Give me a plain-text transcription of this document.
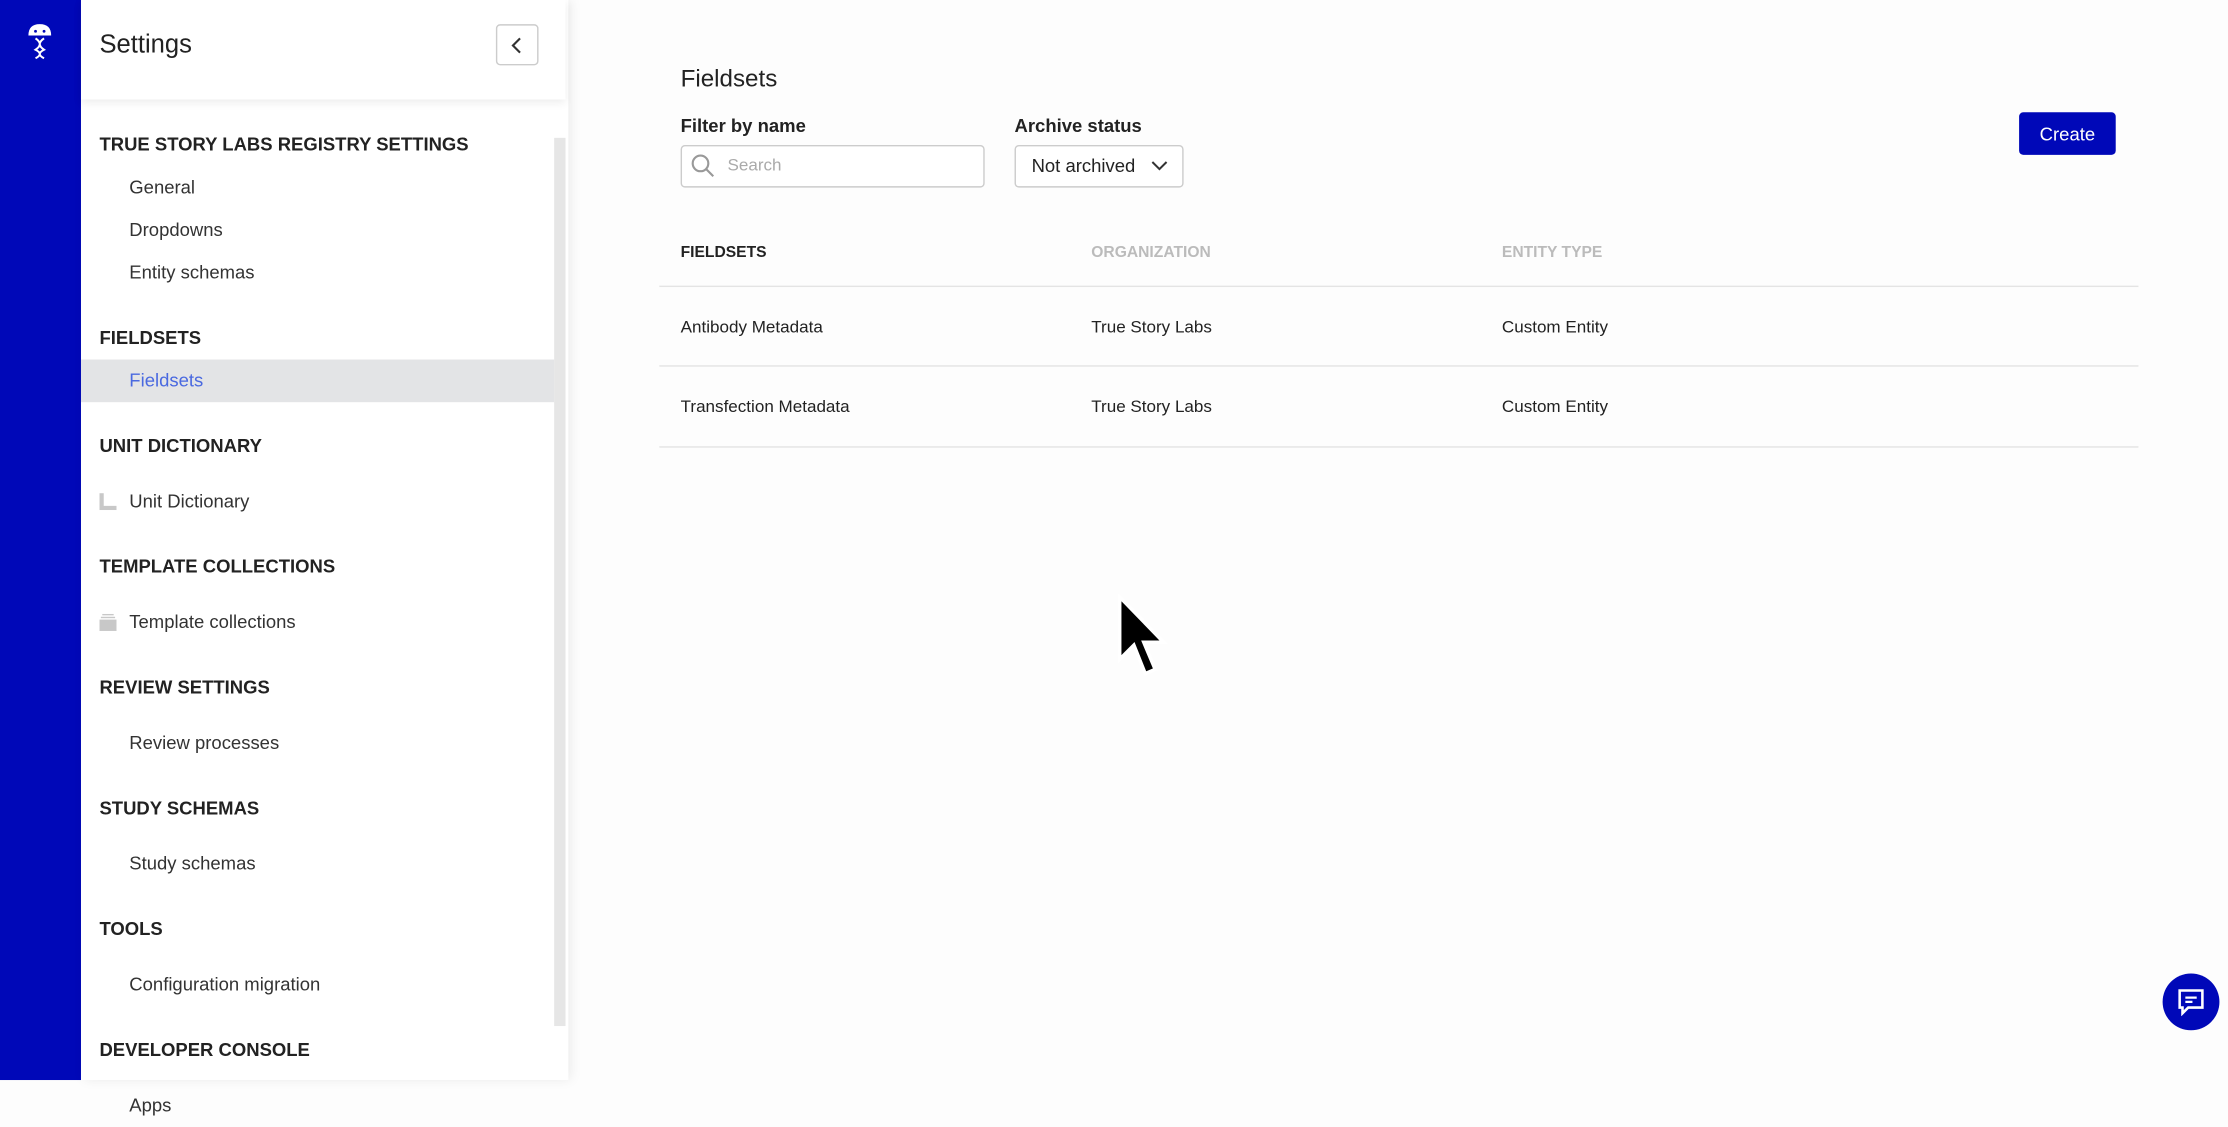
Settings
TRUE STORY LABS REGISTRY SETTINGS
General
Dropdowns
Entity schemas
FIELDSETS
Fieldsets
UNIT DICTIONARY
Unit Dictionary
TEMPLATE COLLECTIONS
Template collections
REVIEW SETTINGS
Review processes
STUDY SCHEMAS
Study schemas
TOOLS
Configuration migration
DEVELOPER CONSOLE
Apps
Fieldsets
Filter by name	Archive status
Search
Not archived
Create
FIELDSETS	ORGANIZATION	ENTITY TYPE
Antibody Metadata	True Story Labs	Custom Entity
Transfection Metadata	True Story Labs	Custom Entity
